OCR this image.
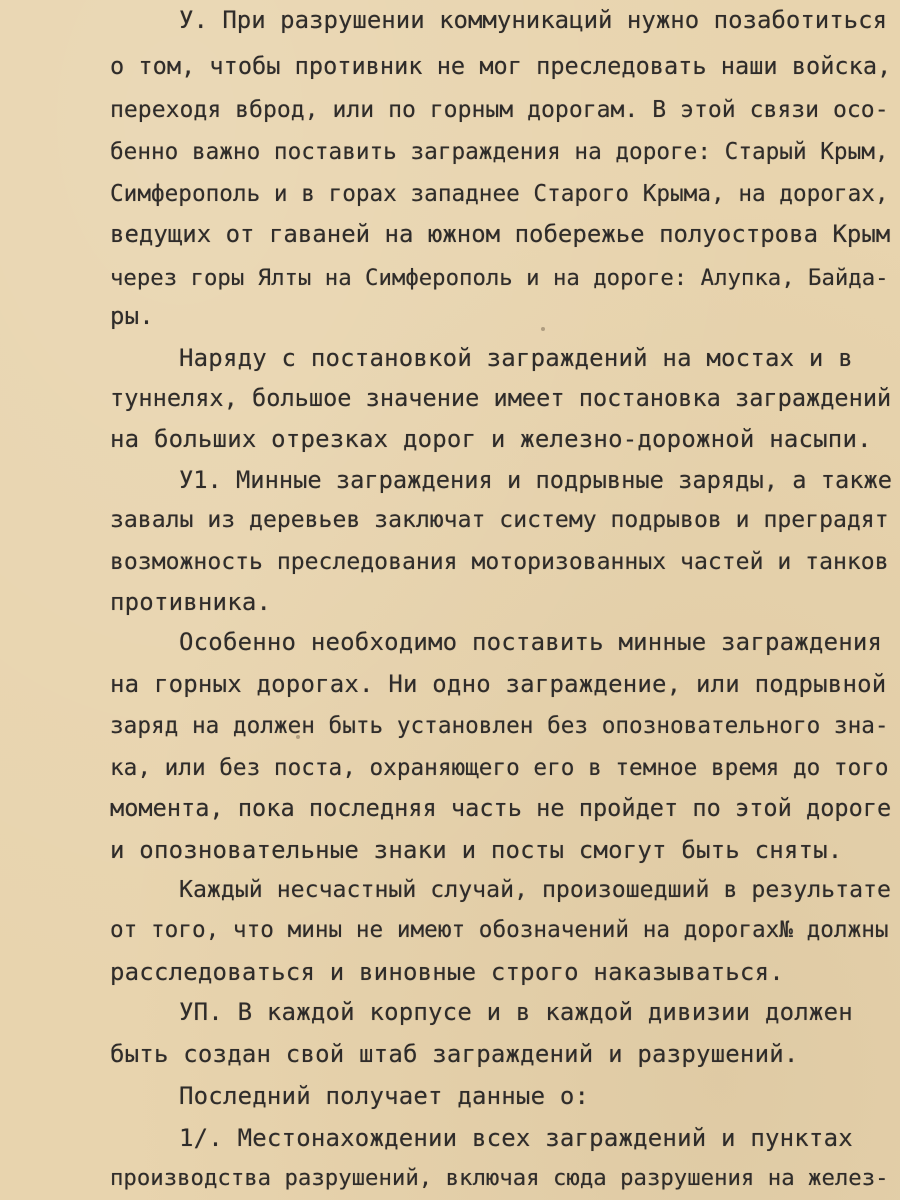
У. При разрушении коммуникаций нужно позаботиться
о том, чтобы противник не мог преследовать наши войска,
переходя вброд, или по горным дорогам. В этой связи осо-
бенно важно поставить заграждения на дороге: Старый Крым,
Симферополь и в горах западнее Старого Крыма, на дорогах,
ведущих от гаваней на южном побережье полуострова Крым
через горы Ялты на Симферополь и на дороге: Алупка, Байда-
ры.
Наряду с постановкой заграждений на мостах и в
туннелях, большое значение имеет постановка заграждений
на больших отрезках дорог и железно-дорожной насыпи.
У1. Минные заграждения и подрывные заряды, а также
завалы из деревьев заключат систему подрывов и преградят
возможность преследования моторизованных частей и танков
противника.
Особенно необходимо поставить минные заграждения
на горных дорогах. Ни одно заграждение, или подрывной
заряд на должен быть установлен без опозновательного зна-
ка, или без поста, охраняющего его в темное время до того
момента, пока последняя часть не пройдет по этой дороге
и опозновательные знаки и посты смогут быть сняты.
Каждый несчастный случай, произошедший в результате
от того, что мины не имеют обозначений на дорогах№ должны
расследоваться и виновные строго наказываться.
УП. В каждой корпусе и в каждой дивизии должен
быть создан свой штаб заграждений и разрушений.
Последний получает данные о:
1/. Местонахождении всех заграждений и пунктах
производства разрушений, включая сюда разрушения на желез-
